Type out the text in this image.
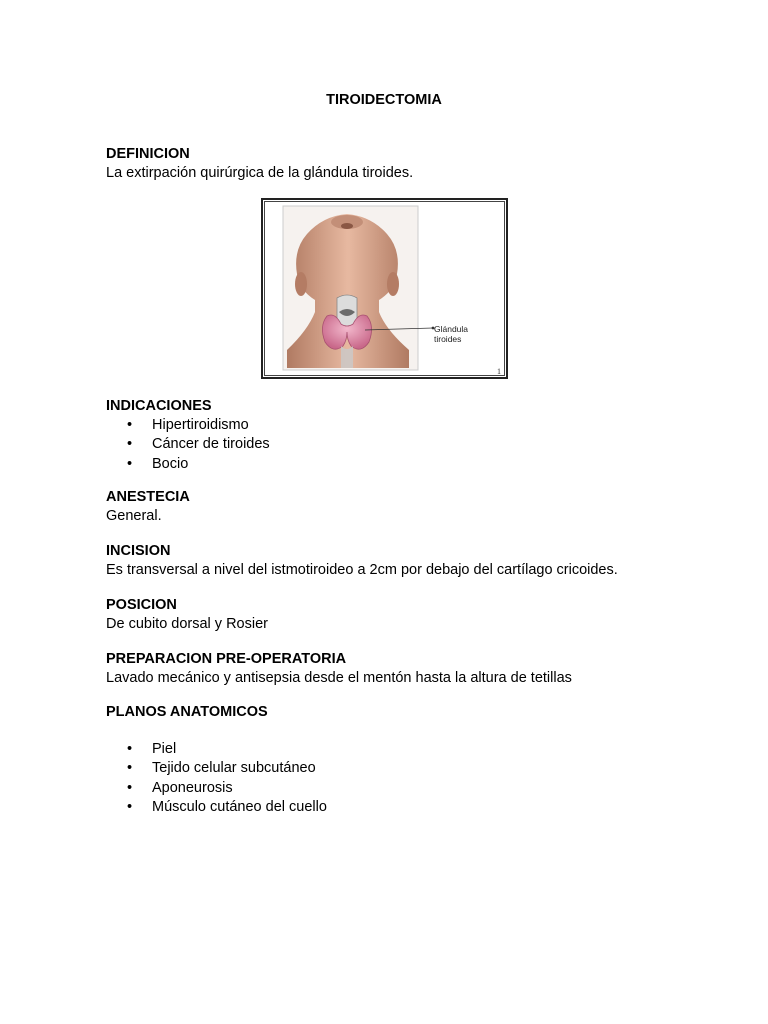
TIROIDECTOMIA
DEFINICION

La extirpación quirúrgica de la glándula tiroides.

Glándula
tiroides
1
INDICACIONES
• Hipertiroidismo
• Cáncer de tiroides
• Bocio
ANESTECIA

General.

INCISION

Es transversal a nivel del istmotiroideo a 2cm por debajo del cartílago cricoides.

POSICION

De cubito dorsal y Rosier

PREPARACION PRE-OPERATORIA

Lavado mecánico y antisepsia desde el mentón hasta la altura de tetillas

PLANOS ANATOMICOS
• Piel
• Tejido celular subcutáneo
• Aponeurosis
• Músculo cutáneo del cuello
